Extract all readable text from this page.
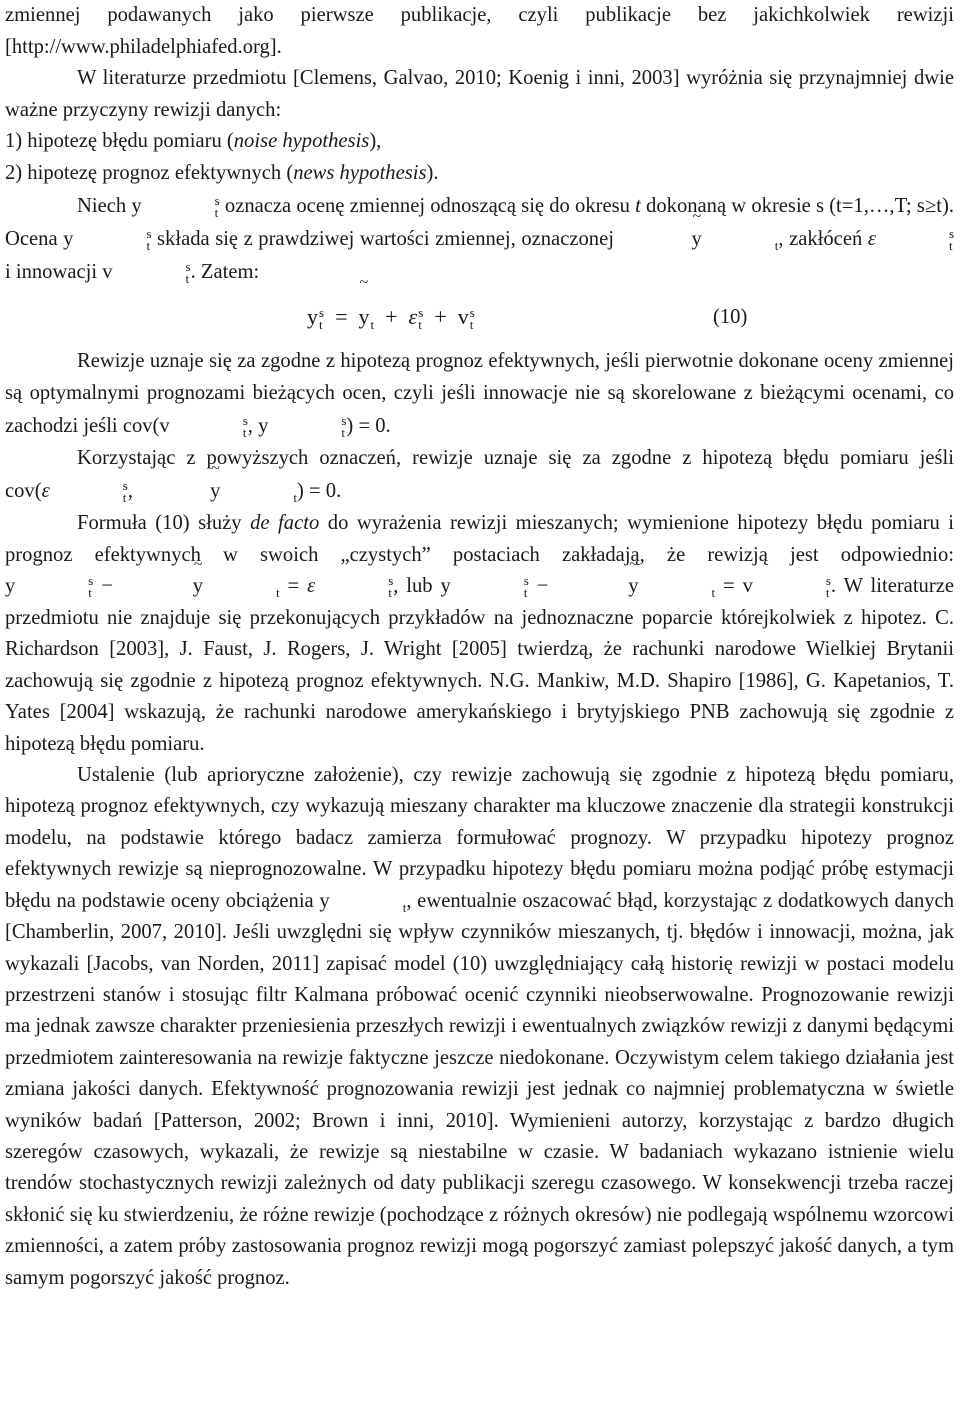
zmiennej podawanych jako pierwsze publikacje, czyli publikacje bez jakichkolwiek rewizji
[http://www.philadelphiafed.org].

W literaturze przedmiotu [Clemens, Galvao, 2010; Koenig i inni, 2003] wyróżnia się przynajmniej dwie ważne przyczyny rewizji danych:

1) hipotezę błędu pomiaru (noise hypothesis),

2) hipotezę prognoz efektywnych (news hypothesis).

Niech y	s
t oznacza ocenę zmiennej odnoszącą się do okresu t dokonaną w okresie s (t=1,…,T; s≥t). Ocena y	s
t składa się z prawdziwej wartości zmiennej, oznaczonej	~ y
	t , zakłóceń ε	s
t
i innowacji v	s
t . Zatem:

y s
t = ~ y
t + ε s
t + v s
t	(10)

Rewizje uznaje się za zgodne z hipotezą prognoz efektywnych, jeśli pierwotnie dokonane oceny zmiennej są optymalnymi prognozami bieżących ocen, czyli jeśli innowacje nie są skorelowane z bieżącymi ocenami, co zachodzi jeśli cov(v	s
t , y	s
t ) = 0.

Korzystając z powyższych oznaczeń, rewizje uznaje się za zgodne z hipotezą błędu pomiaru jeśli cov(ε	s
t ,	~ y
	t ) = 0.

Formuła (10) służy de facto do wyrażenia rewizji mieszanych; wymienione hipotezy błędu pomiaru i prognoz efektywnych w swoich „czystych” postaciach zakładają, że rewizją jest odpowiednio: y	s
t −	~ y
	t = ε	s
t , lub y	s
t −	~ y
	t = v	s
t . W literaturze przedmiotu nie znajduje się przekonujących przykładów na jednoznaczne poparcie którejkolwiek z hipotez. C. Richardson [2003], J. Faust, J. Rogers, J. Wright [2005] twierdzą, że rachunki narodowe Wielkiej Brytanii zachowują się zgodnie z hipotezą prognoz efektywnych. N.G. Mankiw, M.D. Shapiro [1986], G. Kapetanios, T. Yates [2004] wskazują, że rachunki narodowe amerykańskiego i brytyjskiego PNB zachowują się zgodnie z hipotezą błędu pomiaru.

Ustalenie (lub aprioryczne założenie), czy rewizje zachowują się zgodnie z hipotezą błędu pomiaru, hipotezą prognoz efektywnych, czy wykazują mieszany charakter ma kluczowe znaczenie dla strategii konstrukcji modelu, na podstawie którego badacz zamierza formułować prognozy. W przypadku hipotezy prognoz efektywnych rewizje są nieprognozowalne. W przypadku hipotezy błędu pomiaru można podjąć próbę estymacji błędu na podstawie oceny obciążenia y
	t , ewentualnie oszacować błąd, korzystając z dodatkowych danych [Chamberlin, 2007, 2010]. Jeśli uwzględni się wpływ czynników mieszanych, tj. błędów i innowacji, można, jak wykazali [Jacobs, van Norden, 2011] zapisać model (10) uwzględniający całą historię rewizji w postaci modelu przestrzeni stanów i stosując filtr Kalmana próbować ocenić czynniki nieobserwowalne. Prognozowanie rewizji ma jednak zawsze charakter przeniesienia przeszłych rewizji i ewentualnych związków rewizji z danymi będącymi przedmiotem zainteresowania na rewizje faktyczne jeszcze niedokonane. Oczywistym celem takiego działania jest zmiana jakości danych. Efektywność prognozowania rewizji jest jednak co najmniej problematyczna w świetle wyników badań [Patterson, 2002; Brown i inni, 2010]. Wymienieni autorzy, korzystając z bardzo długich szeregów czasowych, wykazali, że rewizje są niestabilne w czasie. W badaniach wykazano istnienie wielu trendów stochastycznych rewizji zależnych od daty publikacji szeregu czasowego. W konsekwencji trzeba raczej skłonić się ku stwierdzeniu, że różne rewizje (pochodzące z różnych okresów) nie podlegają wspólnemu wzorcowi zmienności, a zatem próby zastosowania prognoz rewizji mogą pogorszyć zamiast polepszyć jakość danych, a tym samym pogorszyć jakość prognoz.
